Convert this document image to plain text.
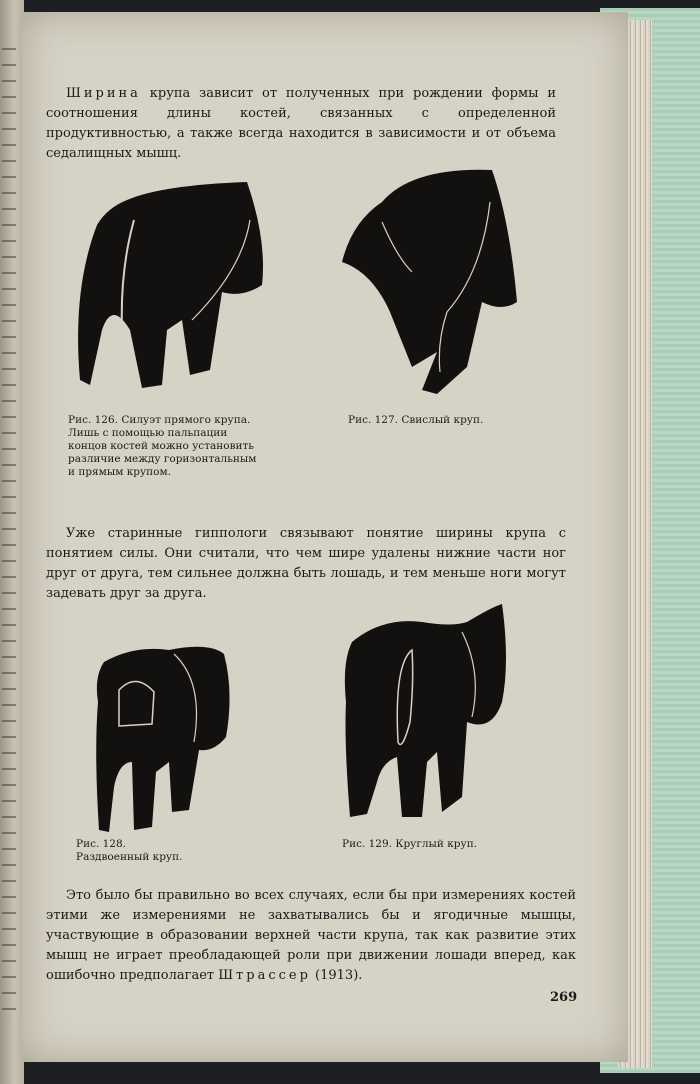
Ширина крупа зависит от полученных при рождении формы и соотношения длины костей, связанных с определенной продуктивностью, а также всегда находится в зависимости и от объема седалищных мышц.

Рис. 126. Силуэт прямого крупа. Лишь с помощью пальпации концов костей можно установить различие между горизонтальным и прямым крупом.

Рис. 127. Свислый круп.

Уже старинные гиппологи связывают понятие ширины крупа с понятием силы. Они считали, что чем шире удалены нижние части ног друг от друга, тем сильнее должна быть лошадь, и тем меньше ноги могут задевать друг за друга.

Рис. 128. Раздвоенный круп.

Рис. 129. Круглый круп.

Это было бы правильно во всех случаях, если бы при измерениях костей этими же измерениями не захватывались бы и ягодичные мышцы, участвующие в образовании верхней части крупа, так как развитие этих мышц не играет преобладающей роли при движении лошади вперед, как ошибочно предполагает Штрассер (1913).

269
